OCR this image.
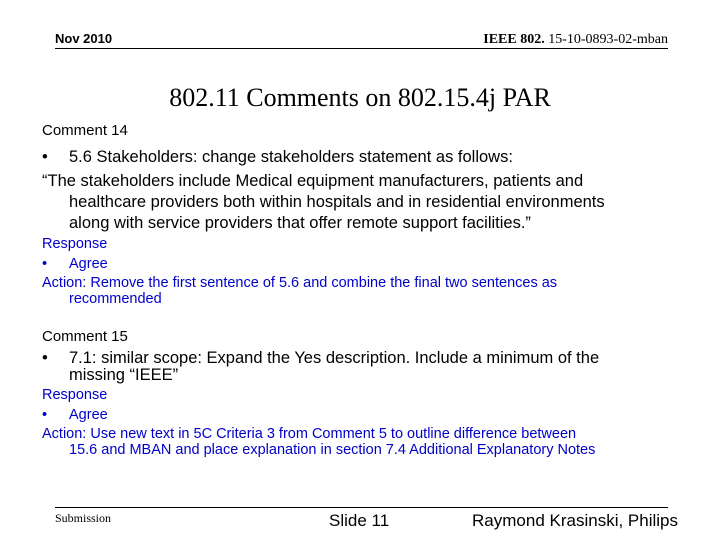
Nov 2010	IEEE 802. 15-10-0893-02-mban
802.11 Comments on 802.15.4j PAR
Comment 14
• 5.6 Stakeholders: change stakeholders statement as follows:
“The stakeholders include Medical equipment manufacturers, patients and
healthcare providers both within hospitals and in residential environments
along with service providers that offer remote support facilities.”
Response
• Agree
Action: Remove the first sentence of 5.6 and combine the final two sentences as
recommended
Comment 15
• 7.1: similar scope: Expand the Yes description. Include a minimum of the
missing “IEEE”
Response
• Agree
Action: Use new text in 5C Criteria 3 from Comment 5 to outline difference between
15.6 and MBAN and place explanation in section 7.4 Additional Explanatory Notes
Submission	Slide 11	Raymond Krasinski, Philips
